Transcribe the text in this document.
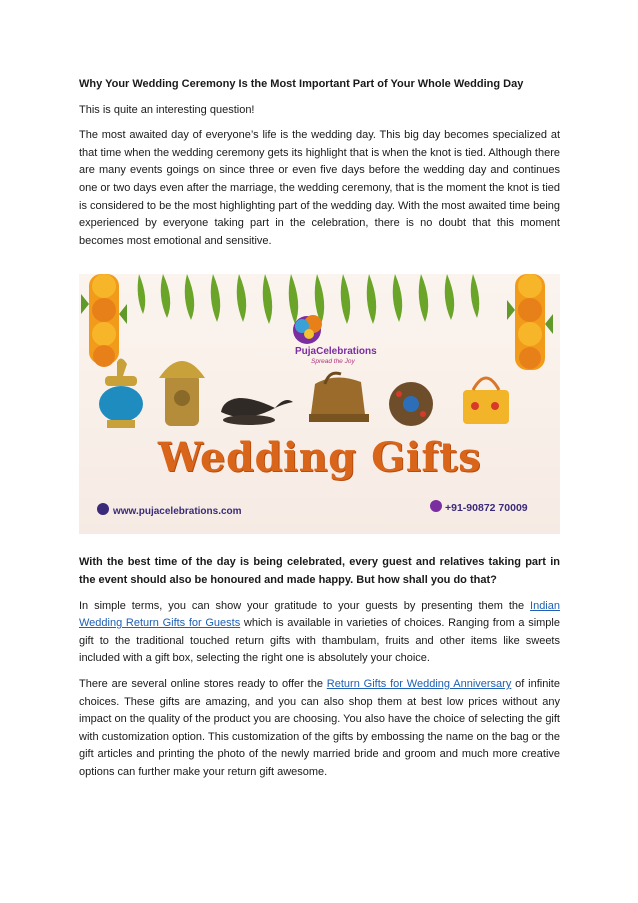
Why Your Wedding Ceremony Is the Most Important Part of Your Whole Wedding Day

This is quite an interesting question!

The most awaited day of everyone’s life is the wedding day. This big day becomes specialized at that time when the wedding ceremony gets its highlight that is when the knot is tied. Although there are many events goings on since three or even five days before the wedding day and continues one or two days even after the marriage, the wedding ceremony, that is the moment the knot is tied is considered to be the most highlighting part of the wedding day. With the most awaited time being experienced by everyone taking part in the celebration, there is no doubt that this moment becomes most emotional and sensitive.

PujaCelebrations
Spread the Joy
Wedding Gifts
www.pujacelebrations.com	+91-90872 70009

With the best time of the day is being celebrated, every guest and relatives taking part in the event should also be honoured and made happy. But how shall you do that?

In simple terms, you can show your gratitude to your guests by presenting them the Indian Wedding Return Gifts for Guests which is available in varieties of choices. Ranging from a simple gift to the traditional touched return gifts with thambulam, fruits and other items like sweets included with a gift box, selecting the right one is absolutely your choice.

There are several online stores ready to offer the Return Gifts for Wedding Anniversary of infinite choices. These gifts are amazing, and you can also shop them at best low prices without any impact on the quality of the product you are choosing. You also have the choice of selecting the gift with customization option. This customization of the gifts by embossing the name on the bag or the gift articles and printing the photo of the newly married bride and groom and much more creative options can further make your return gift awesome.
